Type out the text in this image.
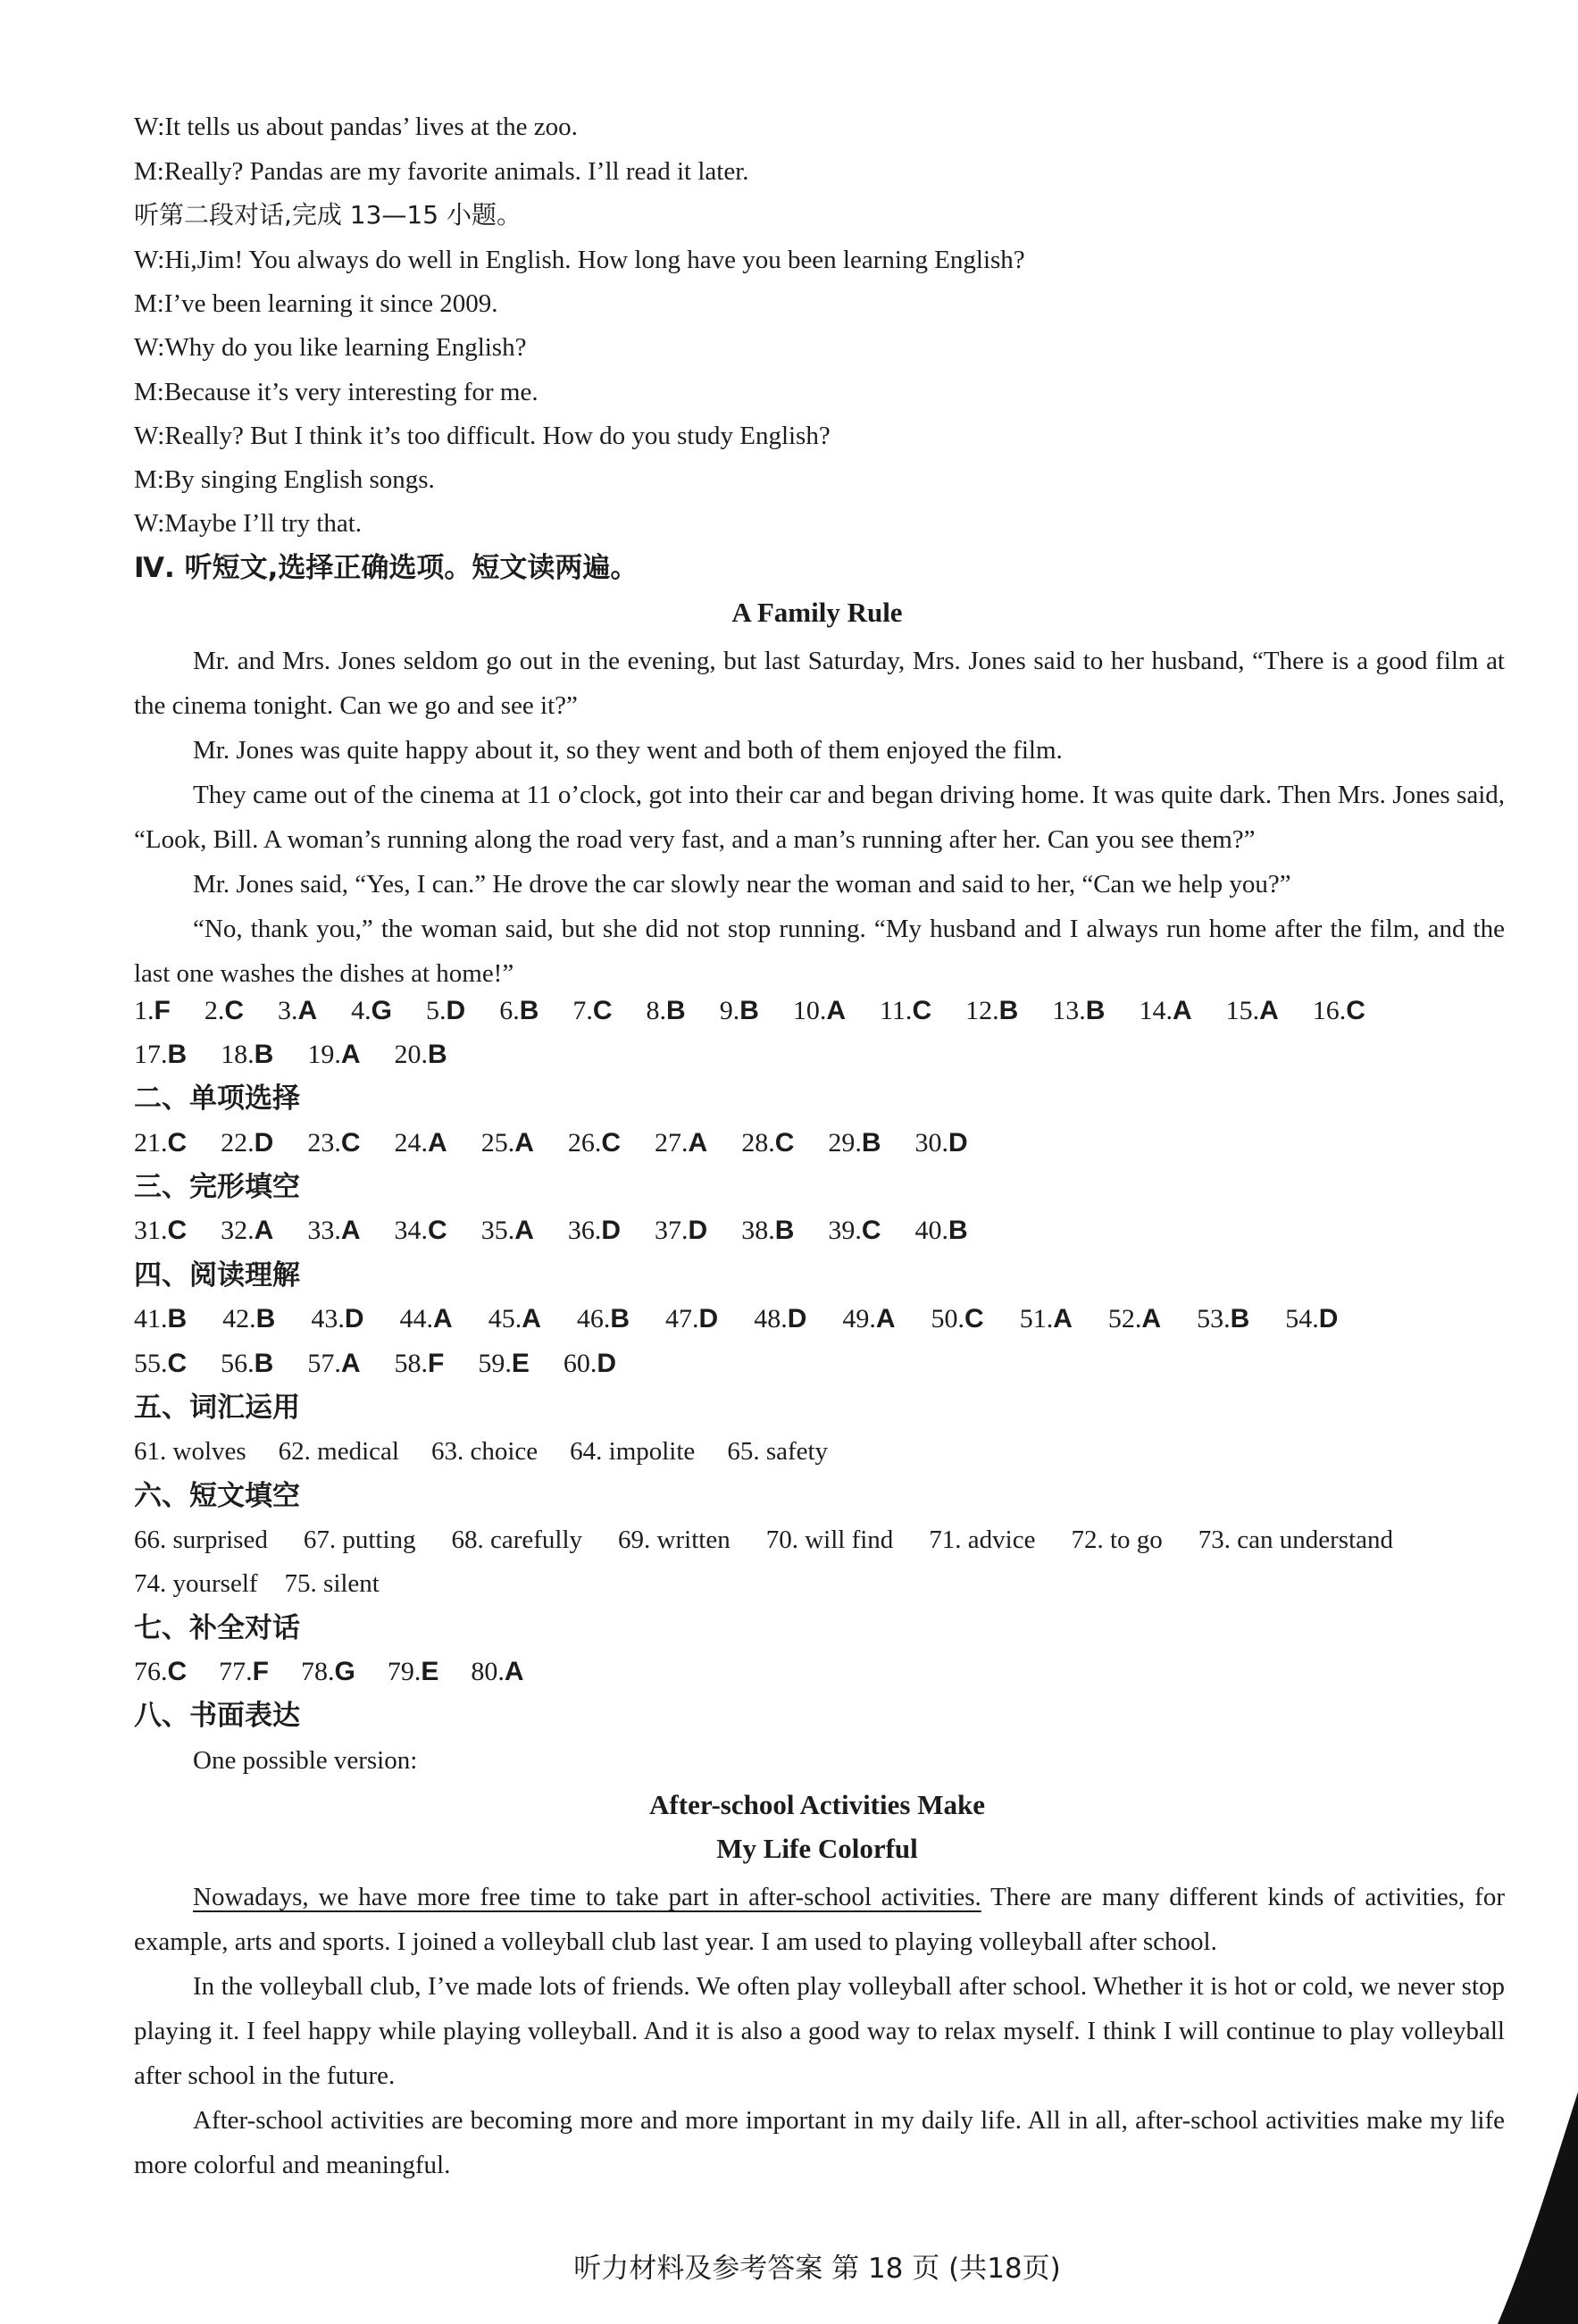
W:It tells us about pandas’ lives at the zoo.
M:Really? Pandas are my favorite animals. I’ll read it later.
听第二段对话,完成 13—15 小题。
W:Hi,Jim! You always do well in English. How long have you been learning English?
M:I’ve been learning it since 2009.
W:Why do you like learning English?
M:Because it’s very interesting for me.
W:Really? But I think it’s too difficult. How do you study English?
M:By singing English songs.
W:Maybe I’ll try that.
Ⅳ. 听短文,选择正确选项。短文读两遍。
A Family Rule

Mr. and Mrs. Jones seldom go out in the evening, but last Saturday, Mrs. Jones said to her husband, “There is a good film at the cinema tonight. Can we go and see it?”

Mr. Jones was quite happy about it, so they went and both of them enjoyed the film.

They came out of the cinema at 11 o’clock, got into their car and began driving home. It was quite dark. Then Mrs. Jones said, “Look, Bill. A woman’s running along the road very fast, and a man’s running after her. Can you see them?”

Mr. Jones said, “Yes, I can.” He drove the car slowly near the woman and said to her, “Can we help you?”

“No, thank you,” the woman said, but she did not stop running. “My husband and I always run home after the film, and the last one washes the dishes at home!”

1.F 2.C 3.A 4.G 5.D 6.B 7.C 8.B 9.B 10.A 11.C 12.B 13.B 14.A 15.A 16.C
17.B 18.B 19.A 20.B
二、单项选择
21.C 22.D 23.C 24.A 25.A 26.C 27.A 28.C 29.B 30.D
三、完形填空
31.C 32.A 33.A 34.C 35.A 36.D 37.D 38.B 39.C 40.B
四、阅读理解
41.B 42.B 43.D 44.A 45.A 46.B 47.D 48.D 49.A 50.C 51.A 52.A 53.B 54.D
55.C 56.B 57.A 58.F 59.E 60.D
五、词汇运用
61. wolves 62. medical 63. choice 64. impolite 65. safety
六、短文填空
66. surprised 67. putting 68. carefully 69. written 70. will find 71. advice 72. to go 73. can understand
74. yourself 75. silent
七、补全对话
76.C 77.F 78.G 79.E 80.A
八、书面表达
One possible version:
After-school Activities Make
My Life Colorful

Nowadays, we have more free time to take part in after-school activities. There are many different kinds of activities, for example, arts and sports. I joined a volleyball club last year. I am used to playing volleyball after school.

In the volleyball club, I’ve made lots of friends. We often play volleyball after school. Whether it is hot or cold, we never stop playing it. I feel happy while playing volleyball. And it is also a good way to relax myself. I think I will continue to play volleyball after school in the future.

After-school activities are becoming more and more important in my daily life. All in all, after-school activities make my life more colorful and meaningful.

听力材料及参考答案 第 18 页 (共18页)
